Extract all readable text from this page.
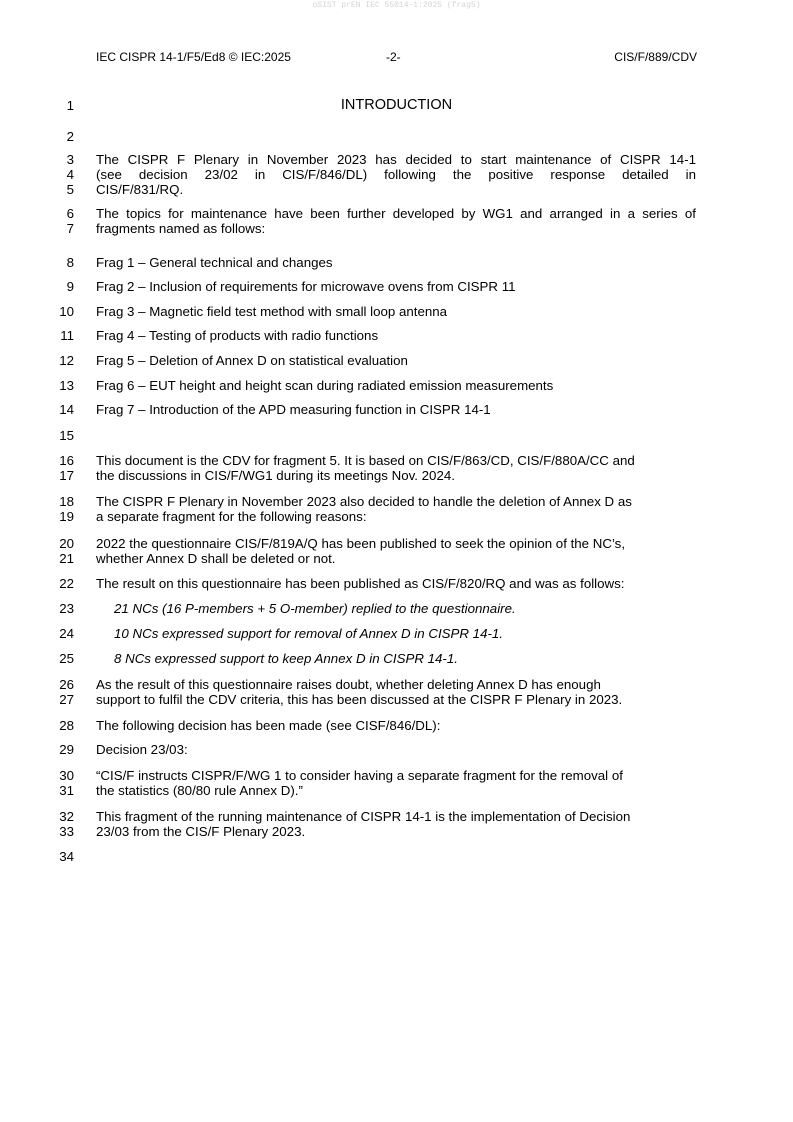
oSIST prEN IEC 55014-1:2025 (frag5)
IEC CISPR 14-1/F5/Ed8 © IEC:2025	-2-	CIS/F/889/CDV
1
2
3
4
5
6
7
8
9
10
11
12
13
14
15
16
17
18
19
20
21
22
23
24
25
26
27
28
29
30
31
32
33
34
INTRODUCTION
The CISPR F Plenary in November 2023 has decided to start maintenance of CISPR 14-1
(see decision 23/02 in CIS/F/846/DL) following the positive response detailed in
CIS/F/831/RQ.
The topics for maintenance have been further developed by WG1 and arranged in a series of
fragments named as follows:
Frag 1 – General technical and changes
Frag 2 – Inclusion of requirements for microwave ovens from CISPR 11
Frag 3 – Magnetic field test method with small loop antenna
Frag 4 – Testing of products with radio functions
Frag 5 – Deletion of Annex D on statistical evaluation
Frag 6 – EUT height and height scan during radiated emission measurements
Frag 7 – Introduction of the APD measuring function in CISPR 14-1
This document is the CDV for fragment 5. It is based on CIS/F/863/CD, CIS/F/880A/CC and
the discussions in CIS/F/WG1 during its meetings Nov. 2024.
The CISPR F Plenary in November 2023 also decided to handle the deletion of Annex D as
a separate fragment for the following reasons:
2022 the questionnaire CIS/F/819A/Q has been published to seek the opinion of the NC’s,
whether Annex D shall be deleted or not.
The result on this questionnaire has been published as CIS/F/820/RQ and was as follows:
21 NCs (16 P-members + 5 O-member) replied to the questionnaire.
10 NCs expressed support for removal of Annex D in CISPR 14-1.
8 NCs expressed support to keep Annex D in CISPR 14-1.
As the result of this questionnaire raises doubt, whether deleting Annex D has enough
support to fulfil the CDV criteria, this has been discussed at the CISPR F Plenary in 2023.
The following decision has been made (see CISF/846/DL):
Decision 23/03:
“CIS/F instructs CISPR/F/WG 1 to consider having a separate fragment for the removal of
the statistics (80/80 rule Annex D).”
This fragment of the running maintenance of CISPR 14-1 is the implementation of Decision
23/03 from the CIS/F Plenary 2023.
